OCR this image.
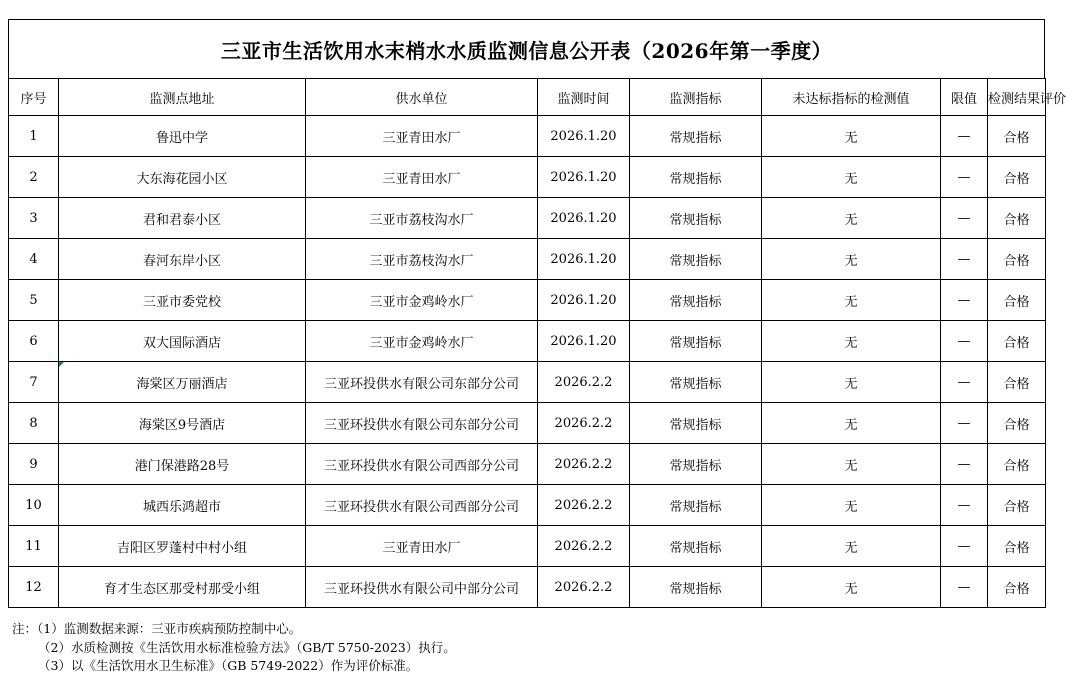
三亚市生活饮用水末梢水水质监测信息公开表（2026年第一季度）
序号	监测点地址	供水单位	监测时间	监测指标	未达标指标的检测值	限值	检测结果评价
1	鲁迅中学	三亚青田水厂	2026.1.20	常规指标	无	—	合格
2	大东海花园小区	三亚青田水厂	2026.1.20	常规指标	无	—	合格
3	君和君泰小区	三亚市荔枝沟水厂	2026.1.20	常规指标	无	—	合格
4	春河东岸小区	三亚市荔枝沟水厂	2026.1.20	常规指标	无	—	合格
5	三亚市委党校	三亚市金鸡岭水厂	2026.1.20	常规指标	无	—	合格
6	双大国际酒店	三亚市金鸡岭水厂	2026.1.20	常规指标	无	—	合格
7	海棠区万丽酒店	三亚环投供水有限公司东部分公司	2026.2.2	常规指标	无	—	合格
8	海棠区9号酒店	三亚环投供水有限公司东部分公司	2026.2.2	常规指标	无	—	合格
9	港门保港路28号	三亚环投供水有限公司西部分公司	2026.2.2	常规指标	无	—	合格
10	城西乐鸿超市	三亚环投供水有限公司西部分公司	2026.2.2	常规指标	无	—	合格
11	吉阳区罗蓬村中村小组	三亚青田水厂	2026.2.2	常规指标	无	—	合格
12	育才生态区那受村那受小组	三亚环投供水有限公司中部分公司	2026.2.2	常规指标	无	—	合格
注：（1）监测数据来源：三亚市疾病预防控制中心。
（2）水质检测按《生活饮用水标准检验方法》（GB/T 5750-2023）执行。
（3）以《生活饮用水卫生标准》（GB 5749-2022）作为评价标准。
